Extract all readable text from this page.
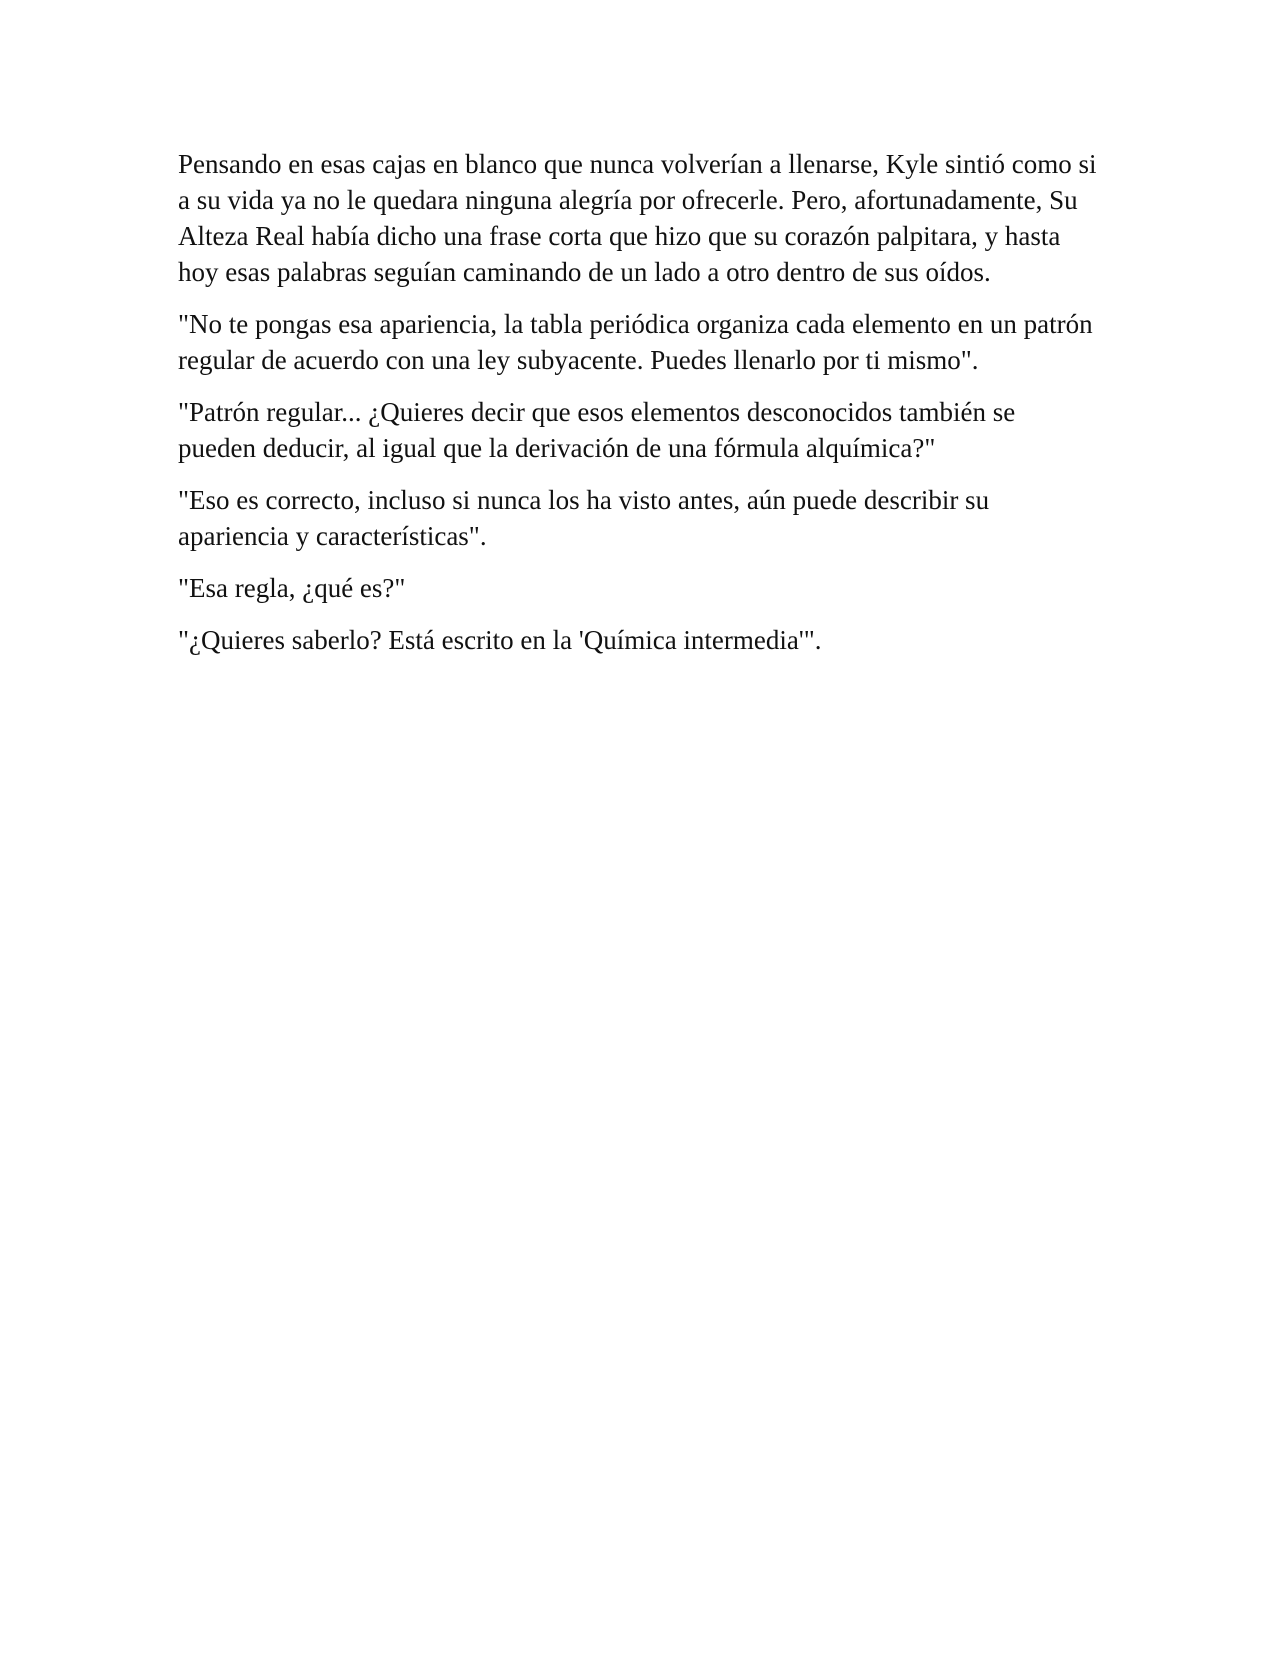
Pensando en esas cajas en blanco que nunca volverían a llenarse, Kyle sintió como si a su vida ya no le quedara ninguna alegría por ofrecerle. Pero, afortunadamente, Su Alteza Real había dicho una frase corta que hizo que su corazón palpitara, y hasta hoy esas palabras seguían caminando de un lado a otro dentro de sus oídos.

"No te pongas esa apariencia, la tabla periódica organiza cada elemento en un patrón regular de acuerdo con una ley subyacente. Puedes llenarlo por ti mismo".

"Patrón regular... ¿Quieres decir que esos elementos desconocidos también se pueden deducir, al igual que la derivación de una fórmula alquímica?"

"Eso es correcto, incluso si nunca los ha visto antes, aún puede describir su apariencia y características".

"Esa regla, ¿qué es?"

"¿Quieres saberlo? Está escrito en la 'Química intermedia'".
